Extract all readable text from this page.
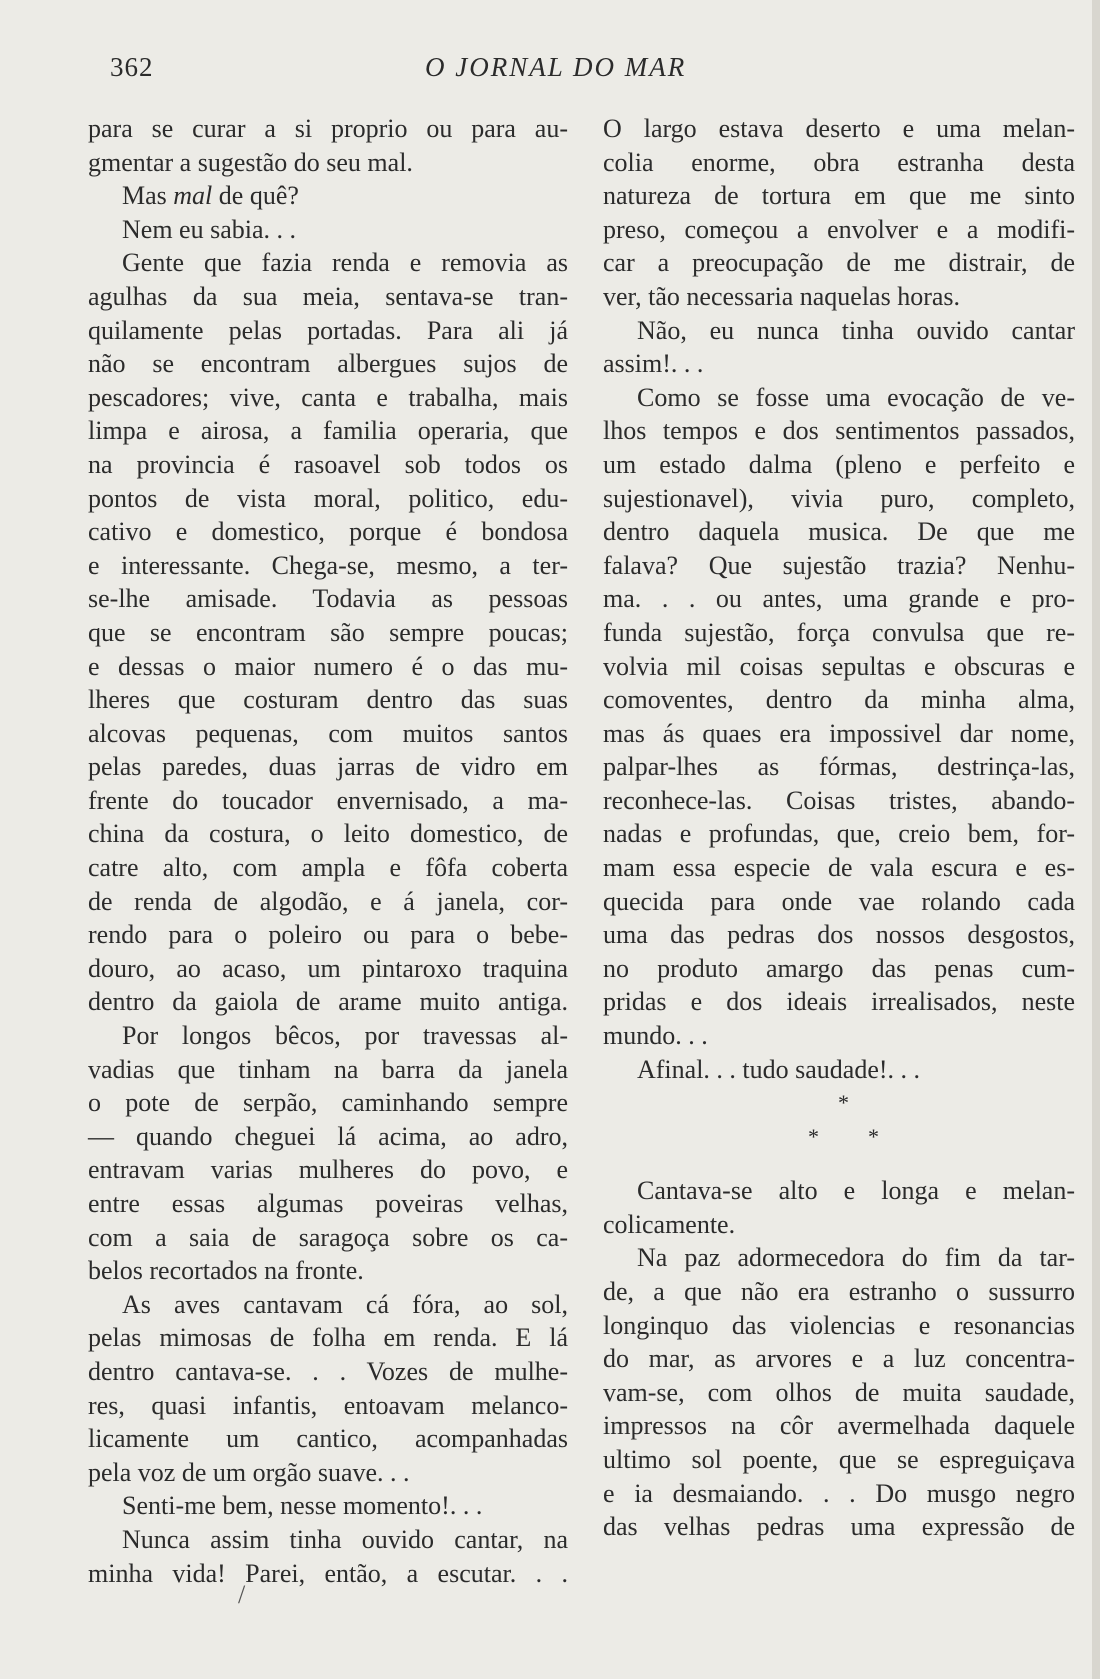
362	O JORNAL DO MAR
para se curar a si proprio ou para au-
gmentar a sugestão do seu mal.
Mas mal de quê?
Nem eu sabia. . .
Gente que fazia renda e removia as
agulhas da sua meia, sentava-se tran-
quilamente pelas portadas. Para ali já
não se encontram albergues sujos de
pescadores; vive, canta e trabalha, mais
limpa e airosa, a familia operaria, que
na provincia é rasoavel sob todos os
pontos de vista moral, politico, edu-
cativo e domestico, porque é bondosa
e interessante. Chega-se, mesmo, a ter-
se-lhe amisade. Todavia as pessoas
que se encontram são sempre poucas;
e dessas o maior numero é o das mu-
lheres que costuram dentro das suas
alcovas pequenas, com muitos santos
pelas paredes, duas jarras de vidro em
frente do toucador envernisado, a ma-
china da costura, o leito domestico, de
catre alto, com ampla e fôfa coberta
de renda de algodão, e á janela, cor-
rendo para o poleiro ou para o bebe-
douro, ao acaso, um pintaroxo traquina
dentro da gaiola de arame muito antiga.
Por longos bêcos, por travessas al-
vadias que tinham na barra da janela
o pote de serpão, caminhando sempre
— quando cheguei lá acima, ao adro,
entravam varias mulheres do povo, e
entre essas algumas poveiras velhas,
com a saia de saragoça sobre os ca-
belos recortados na fronte.
As aves cantavam cá fóra, ao sol,
pelas mimosas de folha em renda. E lá
dentro cantava-se. . . Vozes de mulhe-
res, quasi infantis, entoavam melanco-
licamente um cantico, acompanhadas
pela voz de um orgão suave. . .
Senti-me bem, nesse momento!. . .
Nunca assim tinha ouvido cantar, na
minha vida! Parei, então, a escutar. . .
O largo estava deserto e uma melan-
colia enorme, obra estranha desta
natureza de tortura em que me sinto
preso, começou a envolver e a modifi-
car a preocupação de me distrair, de
ver, tão necessaria naquelas horas.
Não, eu nunca tinha ouvido cantar
assim!. . .
Como se fosse uma evocação de ve-
lhos tempos e dos sentimentos passados,
um estado dalma (pleno e perfeito e
sujestionavel), vivia puro, completo,
dentro daquela musica. De que me
falava? Que sujestão trazia? Nenhu-
ma. . . ou antes, uma grande e pro-
funda sujestão, força convulsa que re-
volvia mil coisas sepultas e obscuras e
comoventes, dentro da minha alma,
mas ás quaes era impossivel dar nome,
palpar-lhes as fórmas, destrinça-las,
reconhece-las. Coisas tristes, abando-
nadas e profundas, que, creio bem, for-
mam essa especie de vala escura e es-
quecida para onde vae rolando cada
uma das pedras dos nossos desgostos,
no produto amargo das penas cum-
pridas e dos ideais irrealisados, neste
mundo. . .
Afinal. . . tudo saudade!. . .
*
* *
Cantava-se alto e longa e melan-
colicamente.
Na paz adormecedora do fim da tar-
de, a que não era estranho o sussurro
longinquo das violencias e resonancias
do mar, as arvores e a luz concentra-
vam-se, com olhos de muita saudade,
impressos na côr avermelhada daquele
ultimo sol poente, que se espreguiçava
e ia desmaiando. . . Do musgo negro
das velhas pedras uma expressão de
/
